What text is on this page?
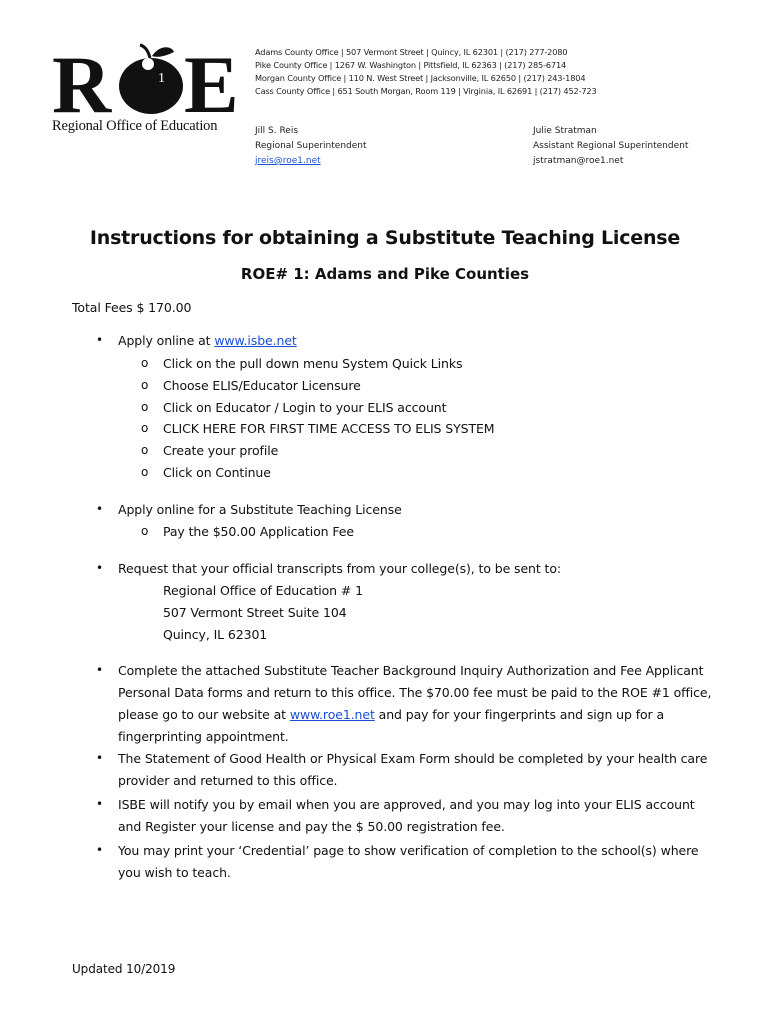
R	1 E
Regional Office of Education
Adams County Office | 507 Vermont Street | Quincy, IL 62301 | (217) 277-2080
Pike County Office | 1267 W. Washington | Pittsfield, IL 62363 | (217) 285-6714
Morgan County Office | 110 N. West Street | Jacksonville, IL 62650 | (217) 243-1804
Cass County Office | 651 South Morgan, Room 119 | Virginia, IL 62691 | (217) 452-723
Jill S. Reis
Regional Superintendent
jreis@roe1.net
Julie Stratman
Assistant Regional Superintendent
jstratman@roe1.net
Instructions for obtaining a Substitute Teaching License
ROE# 1: Adams and Pike Counties
Total Fees $ 170.00
• Apply online at www.isbe.net
o Click on the pull down menu System Quick Links
o Choose ELIS/Educator Licensure
o Click on Educator / Login to your ELIS account
o CLICK HERE FOR FIRST TIME ACCESS TO ELIS SYSTEM
o Create your profile
o Click on Continue
• Apply online for a Substitute Teaching License
o Pay the $50.00 Application Fee
• Request that your official transcripts from your college(s), to be sent to:
Regional Office of Education # 1
507 Vermont Street Suite 104
Quincy, IL 62301
• Complete the attached Substitute Teacher Background Inquiry Authorization and Fee Applicant
Personal Data forms and return to this office. The $70.00 fee must be paid to the ROE #1 office,
please go to our website at www.roe1.net and pay for your fingerprints and sign up for a
fingerprinting appointment.
• The Statement of Good Health or Physical Exam Form should be completed by your health care
provider and returned to this office.
• ISBE will notify you by email when you are approved, and you may log into your ELIS account
and Register your license and pay the $ 50.00 registration fee.
• You may print your ‘Credential’ page to show verification of completion to the school(s) where
you wish to teach.
Updated 10/2019
